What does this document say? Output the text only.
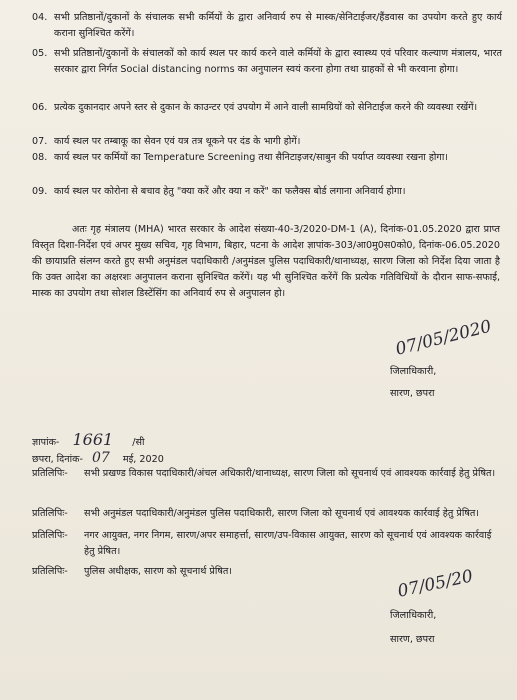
04. सभी प्रतिष्ठानों/दुकानों के संचालक सभी कर्मियों के द्वारा अनिवार्य रुप से मास्क/सेनिटाईजर/हैंडवास का उपयोग करते हुए कार्य कराना सुनिश्चित करेंगें।
05. सभी प्रतिष्ठानों/दुकानों के संचालकों को कार्य स्थल पर कार्य करने वाले कर्मियों के द्वारा स्वास्थ्य एवं परिवार कल्याण मंत्रालय, भारत सरकार द्वारा निर्गत Social distancing norms का अनुपालन स्वयं करना होगा तथा ग्राहकों से भी करवाना होगा।
06. प्रत्येक दुकानदार अपने स्तर से दुकान के काउन्टर एवं उपयोग में आने वाली सामग्रियों को सेनिटाईज करने की व्यवस्था रखेंगें।
07. कार्य स्थल पर तम्बाकू का सेवन एवं यत्र तत्र थूकने पर दंड के भागी होगें।
08. कार्य स्थल पर कर्मियों का Temperature Screening तथा सैनिटाइजर/साबुन की पर्याप्त व्यवस्था रखना होगा।
09. कार्य स्थल पर कोरोना से बचाव हेतु "क्या करें और क्या न करें" का फलैक्स बोर्ड लगाना अनिवार्य होगा।
अतः गृह मंत्रालय (MHA) भारत सरकार के आदेश संख्या-40-3/2020-DM-1 (A), दिनांक-01.05.2020 द्वारा प्राप्त विस्तृत दिशा-निर्देश एवं अपर मुख्य सचिव, गृह विभाग, बिहार, पटना के आदेश ज्ञापांक-303/आ0मु0स0को0, दिनांक-06.05.2020 की छायाप्रति संलग्न करते हुए सभी अनुमंडल पदाधिकारी /अनुमंडल पुलिस पदाधिकारी/थानाध्यक्ष, सारण जिला को निर्देश दिया जाता है कि उक्त आदेश का अक्षरशः अनुपालन कराना सुनिश्चित करेंगें। यह भी सुनिश्चित करेंगें कि प्रत्येक गतिविधियों के दौरान साफ-सफाई, मास्क का उपयोग तथा सोशल डिस्टेंसिंग का अनिवार्य रुप से अनुपालन हो।
07/05/2020
जिलाधिकारी,
सारण, छपरा
ज्ञापांक- 1661 /सी
छपरा, दिनांक- 07 मई, 2020
प्रतिलिपिः- सभी प्रखण्ड विकास पदाधिकारी/अंचल अधिकारी/थानाध्यक्ष, सारण जिला को सूचनार्थ एवं आवश्यक कार्रवाई हेतु प्रेषित।
प्रतिलिपिः- सभी अनुमंडल पदाधिकारी/अनुमंडल पुलिस पदाधिकारी, सारण जिला को सूचनार्थ एवं आवश्यक कार्रवाई हेतु प्रेषित।
प्रतिलिपिः- नगर आयुक्त, नगर निगम, सारण/अपर समाहर्त्ता, सारण/उप-विकास आयुक्त, सारण को सूचनार्थ एवं आवश्यक कार्रवाई हेतु प्रेषित।
प्रतिलिपिः- पुलिस अधीक्षक, सारण को सूचनार्थ प्रेषित।	07/05/20
जिलाधिकारी,
सारण, छपरा
